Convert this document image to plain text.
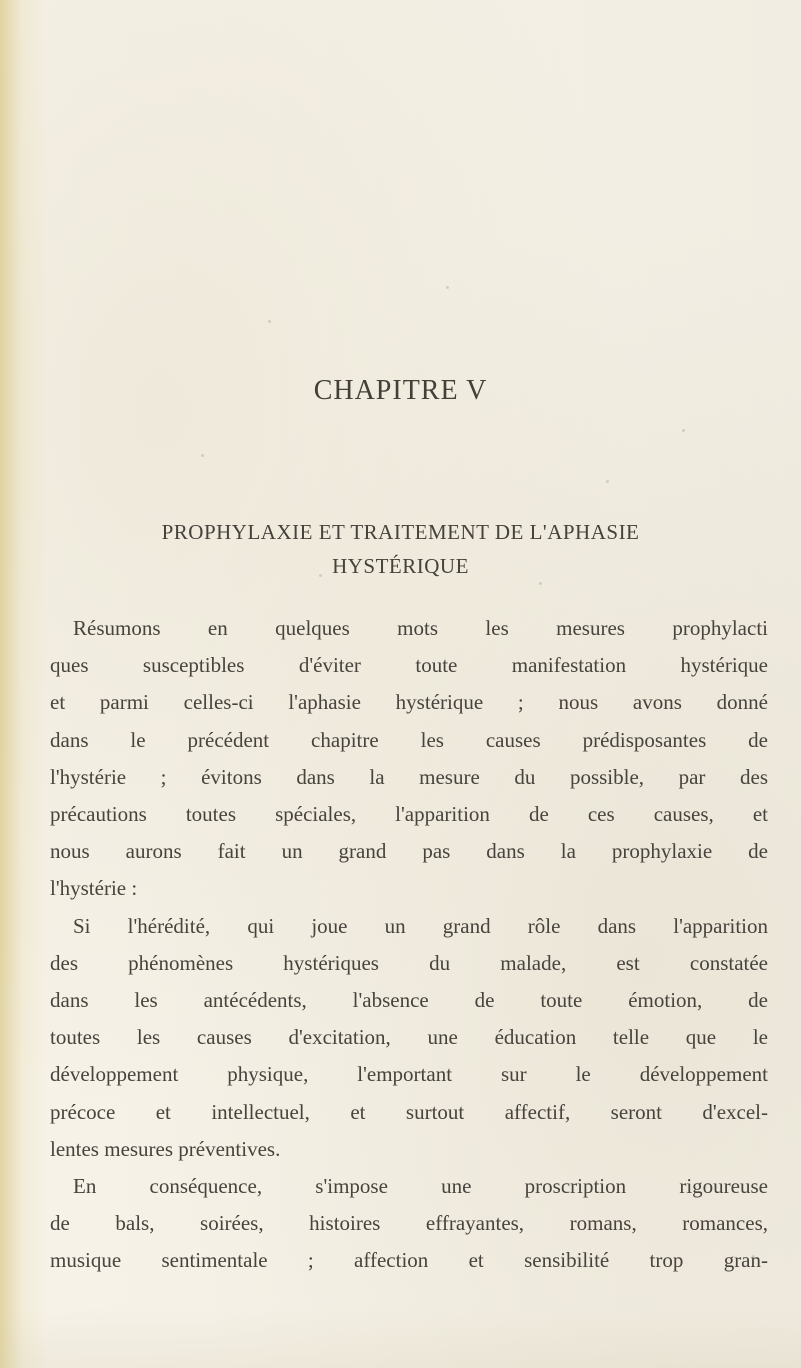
CHAPITRE V
PROPHYLAXIE ET TRAITEMENT DE L'APHASIE
HYSTÉRIQUE
Résumons en quelques mots les mesures prophylacti
ques susceptibles d'éviter toute manifestation hystérique
et parmi celles-ci l'aphasie hystérique ; nous avons donné
dans le précédent chapitre les causes prédisposantes de
l'hystérie ; évitons dans la mesure du possible, par des
précautions toutes spéciales, l'apparition de ces causes, et
nous aurons fait un grand pas dans la prophylaxie de
l'hystérie :
Si l'hérédité, qui joue un grand rôle dans l'apparition
des phénomènes hystériques du malade, est constatée
dans les antécédents, l'absence de toute émotion, de
toutes les causes d'excitation, une éducation telle que le
développement physique, l'emportant sur le développement
précoce et intellectuel, et surtout affectif, seront d'excel-
lentes mesures préventives.
En conséquence, s'impose une proscription rigoureuse
de bals, soirées, histoires effrayantes, romans, romances,
musique sentimentale ; affection et sensibilité trop gran-
